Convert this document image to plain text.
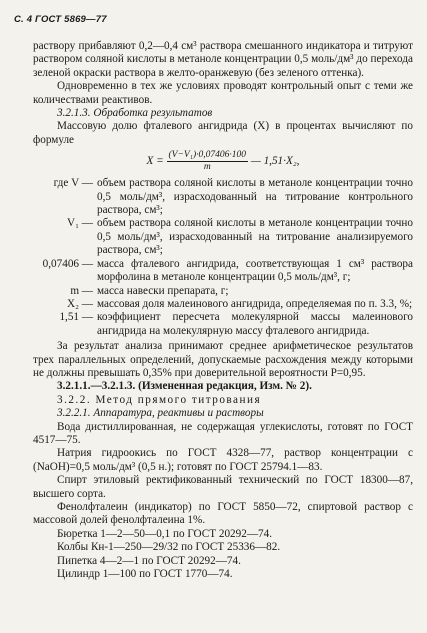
С. 4 ГОСТ 5869—77

раствору прибавляют 0,2—0,4 см³ раствора смешанного индикатора и титруют раствором соляной кислоты в метаноле концентрации 0,5 моль/дм³ до перехода зеленой окраски раствора в желто-оранжевую (без зеленого оттенка).

Одновременно в тех же условиях проводят контрольный опыт с теми же количествами реактивов.

3.2.1.3. Обработка результатов

Массовую долю фталевого ангидрида (X) в процентах вычисляют по формуле

$X = \frac{\text{(V−V₁)·0,07406·100}}{m}$ — 1,51·X₂,
где V — объем раствора соляной кислоты в метаноле концентрации точно 0,5 моль/дм³, израсходованный на титрование контрольного раствора, см³;
V₁ — объем раствора соляной кислоты в метаноле концентрации точно 0,5 моль/дм³, израсходованный на титрование анализируемого раствора, см³;
0,07406 — масса фталевого ангидрида, соответствующая 1 см³ раствора морфолина в метаноле концентрации 0,5 моль/дм³, г;
m — масса навески препарата, г;
X₂ — массовая доля малеинового ангидрида, определяемая по п. 3.3, %;
1,51 — коэффициент пересчета молекулярной массы малеинового ангидрида на молекулярную массу фталевого ангидрида.

За результат анализа принимают среднее арифметическое результатов трех параллельных определений, допускаемые расхождения между которыми не должны превышать 0,35% при доверительной вероятности P=0,95.

3.2.1.1.—3.2.1.3. (Измененная редакция, Изм. № 2).

3.2.2. Метод прямого титрования

3.2.2.1. Аппаратура, реактивы и растворы

Вода дистиллированная, не содержащая углекислоты, готовят по ГОСТ 4517—75.

Натрия гидроокись по ГОСТ 4328—77, раствор концентрации c (NaOH)=0,5 моль/дм³ (0,5 н.); готовят по ГОСТ 25794.1—83.

Спирт этиловый ректификованный технический по ГОСТ 18300—87, высшего сорта.

Фенолфталеин (индикатор) по ГОСТ 5850—72, спиртовой раствор с массовой долей фенолфталеина 1%.

Бюретка 1—2—50—0,1 по ГОСТ 20292—74.

Колбы Кн-1—250—29/32 по ГОСТ 25336—82.

Пипетка 4—2—1 по ГОСТ 20292—74.

Цилиндр 1—100 по ГОСТ 1770—74.
